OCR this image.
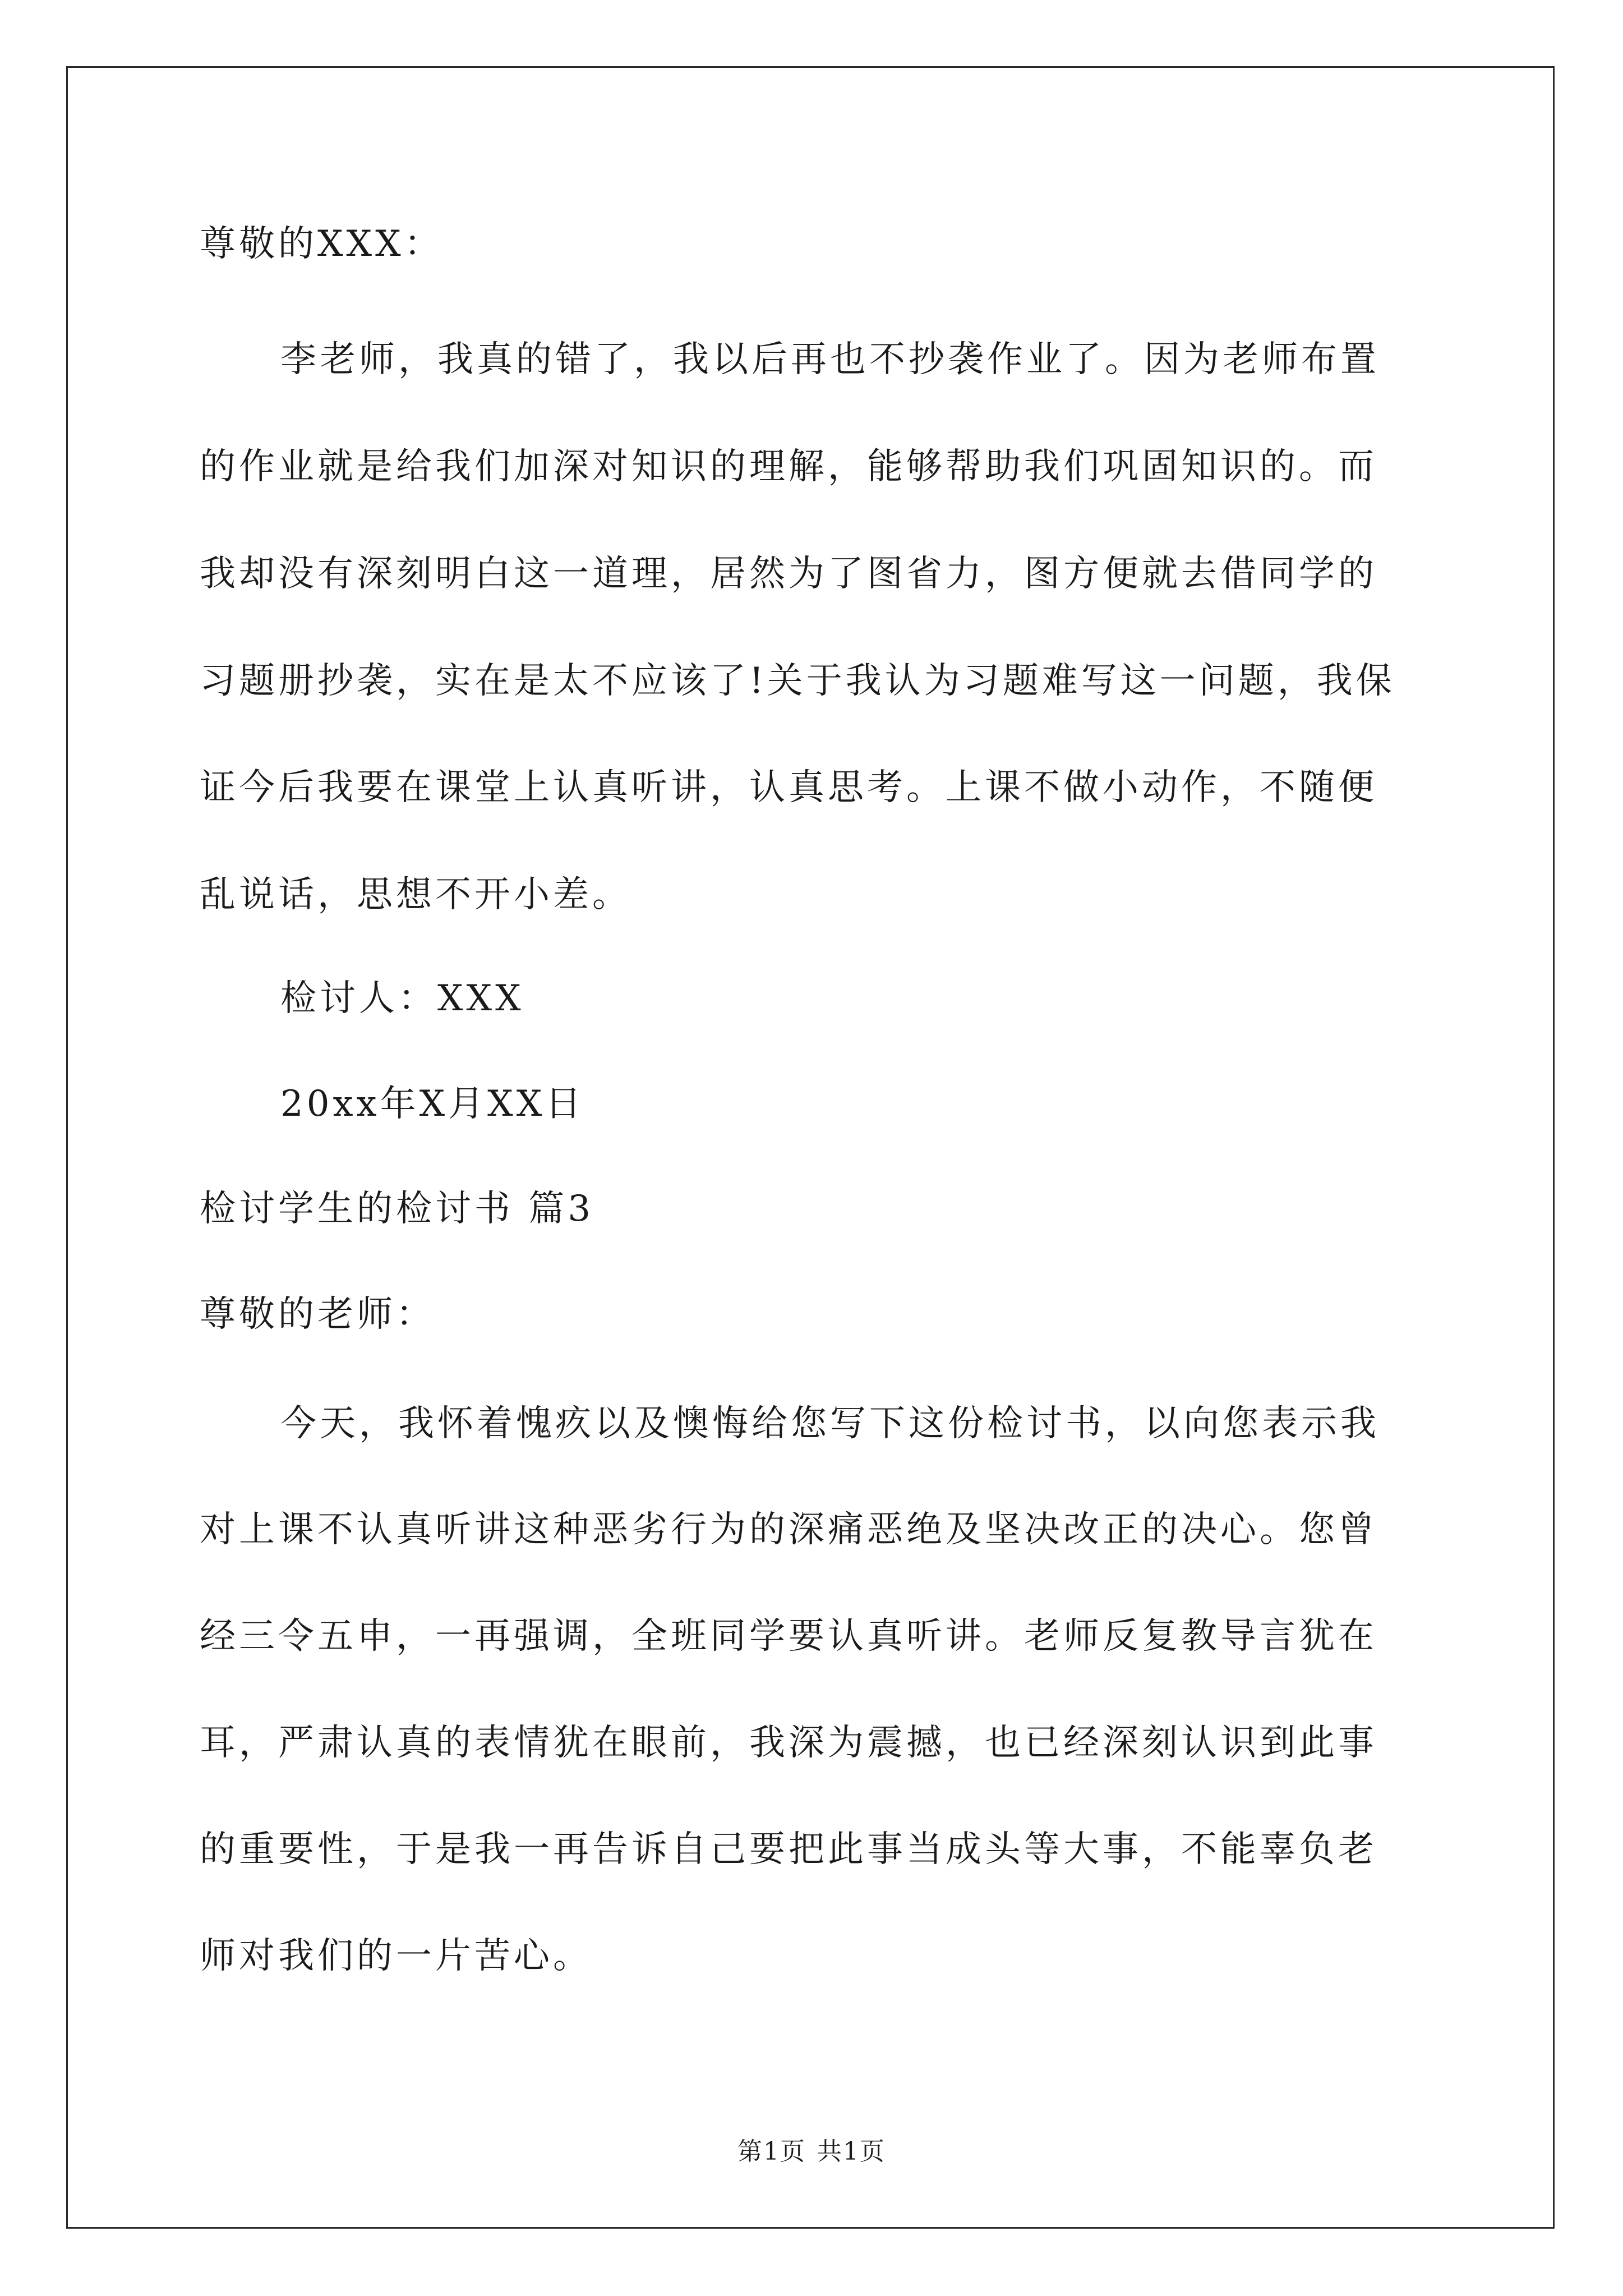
尊敬的XXX：
李老师，我真的错了，我以后再也不抄袭作业了。因为老师布置
的作业就是给我们加深对知识的理解，能够帮助我们巩固知识的。而
我却没有深刻明白这一道理，居然为了图省力，图方便就去借同学的
习题册抄袭，实在是太不应该了!关于我认为习题难写这一问题，我保
证今后我要在课堂上认真听讲，认真思考。上课不做小动作，不随便
乱说话，思想不开小差。
检讨人：XXX
20xx年X月XX日
检讨学生的检讨书 篇3
尊敬的老师：
今天，我怀着愧疚以及懊悔给您写下这份检讨书，以向您表示我
对上课不认真听讲这种恶劣行为的深痛恶绝及坚决改正的决心。您曾
经三令五申，一再强调，全班同学要认真听讲。老师反复教导言犹在
耳，严肃认真的表情犹在眼前，我深为震撼，也已经深刻认识到此事
的重要性，于是我一再告诉自己要把此事当成头等大事，不能辜负老
师对我们的一片苦心。
第1页 共1页
